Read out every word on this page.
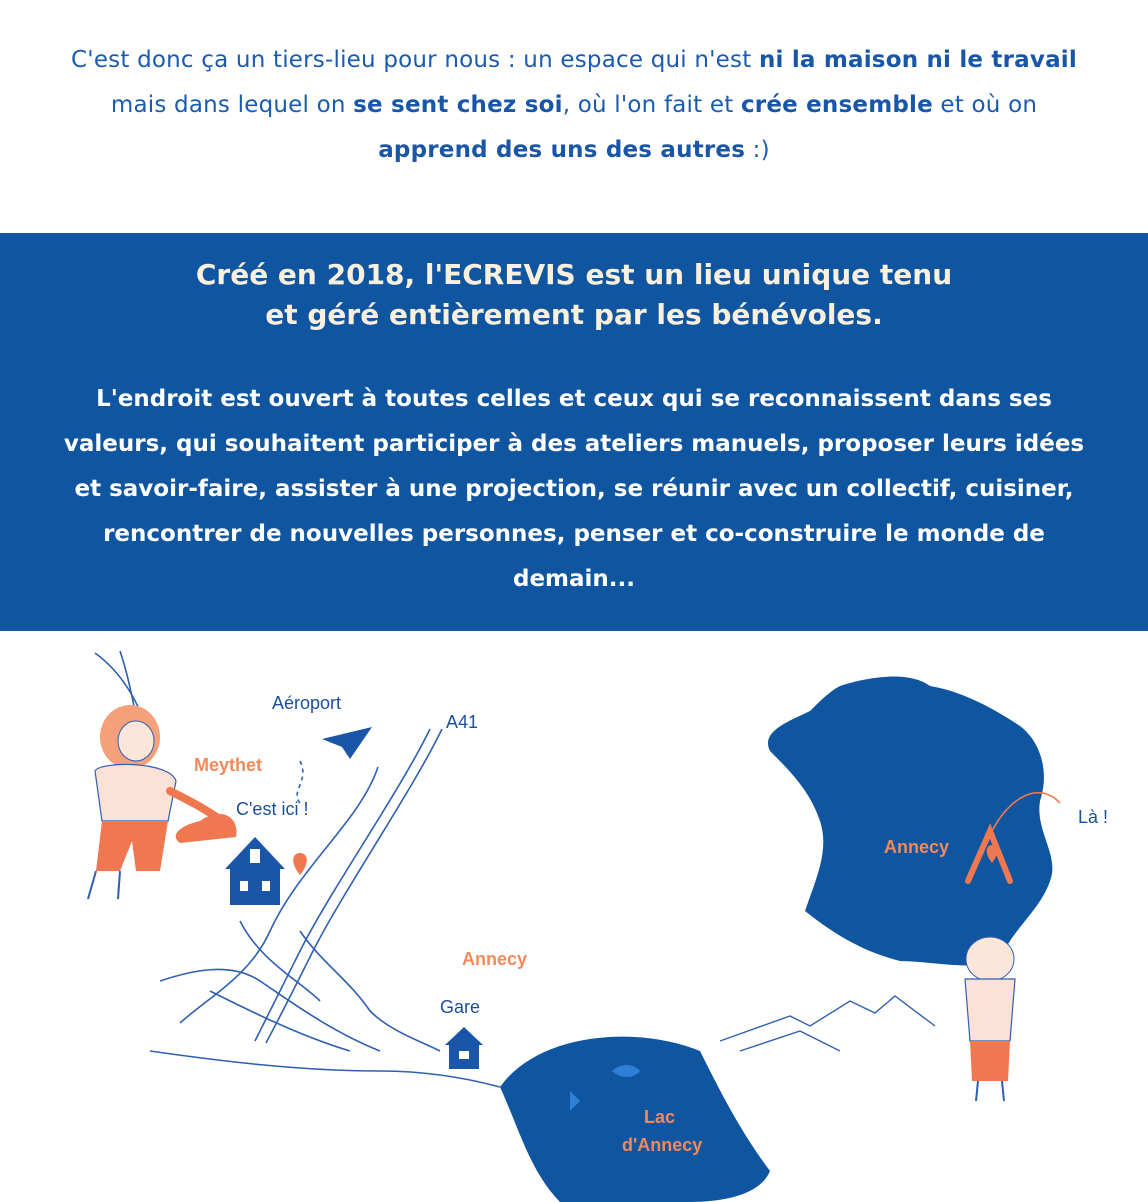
C'est donc ça un tiers-lieu pour nous : un espace qui n'est ni la maison ni le travail mais dans lequel on se sent chez soi, où l'on fait et crée ensemble et où on apprend des uns des autres :)

Créé en 2018, l'ECREVIS est un lieu unique tenu
et géré entièrement par les bénévoles.

L'endroit est ouvert à toutes celles et ceux qui se reconnaissent dans ses valeurs, qui souhaitent participer à des ateliers manuels, proposer leurs idées et savoir-faire, assister à une projection, se réunir avec un collectif, cuisiner, rencontrer de nouvelles personnes, penser et co-construire le monde de demain...

Aéroport
A41
Meythet
C'est ici !
Annecy
Gare
Lac
d'Annecy
Annecy
Là !
